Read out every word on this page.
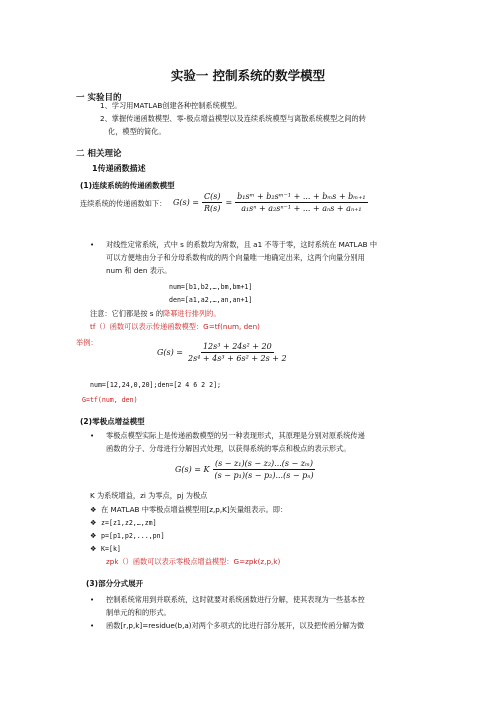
实验一 控制系统的数学模型
一 实验目的
1、学习用MATLAB创建各种控制系统模型。
2、掌握传递函数模型、零-极点增益模型以及连续系统模型与离散系统模型之间的转
化，模型的简化。
二 相关理论
1传递函数描述
(1)连续系统的传递函数模型
连续系统的传递函数如下： $G(s) = \frac{C(s)}{R(s)} = \frac{\text{b₁sᵐ + b₂sᵐ⁻¹ + ... + bₘs + bₘ₊₁}}{\text{a₁sⁿ + a₂sⁿ⁻¹ + ... + aₙs + aₙ₊₁}}$
• 对线性定常系统，式中 s 的系数均为常数，且 a1 不等于零，这时系统在 MATLAB 中
可以方便地由分子和分母系数构成的两个向量唯一地确定出来，这两个向量分别用
num 和 den 表示。
num=[b1,b2,…,bm,bm+1]
den=[a1,a2,…,an,an+1]
注意：它们都是按 s 的降幂进行排列的。
tf（）函数可以表示传递函数模型：G=tf(num, den)
举例：
$G(s) = \frac{\text{12s³ + 24s² + 20}}{\text{2s⁴ + 4s³ + 6s² + 2s + 2}}$
num=[12,24,0,20];den=[2 4 6 2 2];
G=tf(num, den)
(2)零极点增益模型
• 零极点模型实际上是传递函数模型的另一种表现形式，其原理是分别对原系统传递
函数的分子、分母进行分解因式处理，以获得系统的零点和极点的表示形式。
G(s) = K $\frac{\text{(s − z₁)(s − z₂)...(s − zₘ)}}{\text{(s − p₁)(s − p₂)...(s − pₙ)}}$
K 为系统增益，zi 为零点，pj 为极点
❖ 在 MATLAB 中零极点增益模型用[z,p,K]矢量组表示。即：
❖ z=[z1,z2,…,zm]
❖ p=[p1,p2,...,pn]
❖ K=[k]
zpk（）函数可以表示零极点增益模型：G=zpk(z,p,k)
(3)部分分式展开
• 控制系统常用到并联系统，这时就要对系统函数进行分解，使其表现为一些基本控
制单元的和的形式。
• 函数[r,p,k]=residue(b,a)对两个多项式的比进行部分展开，以及把传函分解为微
